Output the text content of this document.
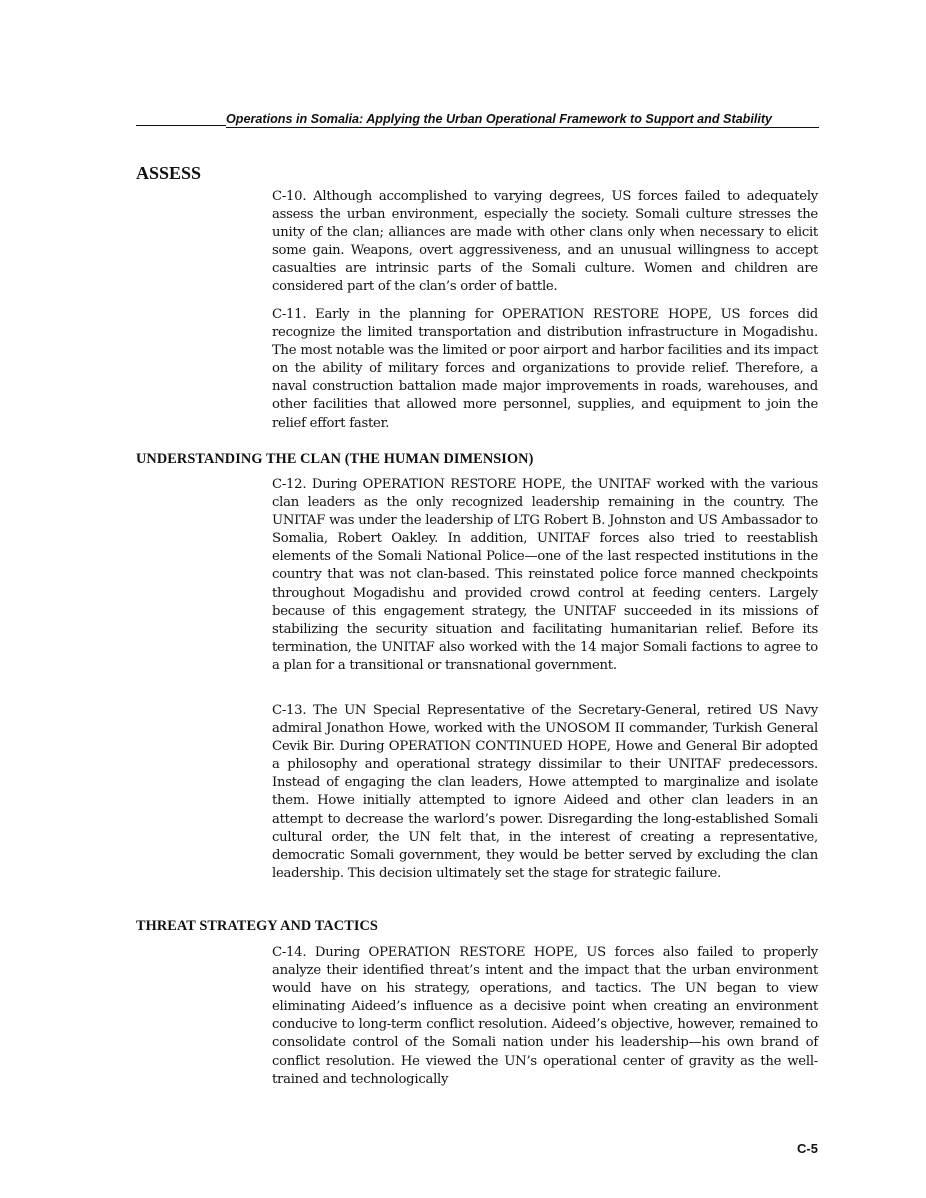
Operations in Somalia: Applying the Urban Operational Framework to Support and Stability
ASSESS

C-10. Although accomplished to varying degrees, US forces failed to adequately assess the urban environment, especially the society. Somali culture stresses the unity of the clan; alliances are made with other clans only when necessary to elicit some gain. Weapons, overt aggressiveness, and an unusual willingness to accept casualties are intrinsic parts of the Somali culture. Women and children are considered part of the clan’s order of battle.

C-11. Early in the planning for OPERATION RESTORE HOPE, US forces did recognize the limited transportation and distribution infrastructure in Mogadishu. The most notable was the limited or poor airport and harbor facilities and its impact on the ability of military forces and organizations to provide relief. Therefore, a naval construction battalion made major improvements in roads, warehouses, and other facilities that allowed more personnel, supplies, and equipment to join the relief effort faster.

UNDERSTANDING THE CLAN (THE HUMAN DIMENSION)

C-12. During OPERATION RESTORE HOPE, the UNITAF worked with the various clan leaders as the only recognized leadership remaining in the country. The UNITAF was under the leadership of LTG Robert B. Johnston and US Ambassador to Somalia, Robert Oakley. In addition, UNITAF forces also tried to reestablish elements of the Somali National Police—one of the last respected institutions in the country that was not clan-based. This reinstated police force manned checkpoints throughout Mogadishu and provided crowd control at feeding centers. Largely because of this engagement strategy, the UNITAF succeeded in its missions of stabilizing the security situation and facilitating humanitarian relief. Before its termination, the UNITAF also worked with the 14 major Somali factions to agree to a plan for a transitional or transnational government.

C-13. The UN Special Representative of the Secretary-General, retired US Navy admiral Jonathon Howe, worked with the UNOSOM II commander, Turkish General Cevik Bir. During OPERATION CONTINUED HOPE, Howe and General Bir adopted a philosophy and operational strategy dissimilar to their UNITAF predecessors. Instead of engaging the clan leaders, Howe attempted to marginalize and isolate them. Howe initially attempted to ignore Aideed and other clan leaders in an attempt to decrease the warlord’s power. Disregarding the long-established Somali cultural order, the UN felt that, in the interest of creating a representative, democratic Somali government, they would be better served by excluding the clan leadership. This decision ultimately set the stage for strategic failure.

THREAT STRATEGY AND TACTICS

C-14. During OPERATION RESTORE HOPE, US forces also failed to properly analyze their identified threat’s intent and the impact that the urban environment would have on his strategy, operations, and tactics. The UN began to view eliminating Aideed’s influence as a decisive point when creating an environment conducive to long-term conflict resolution. Aideed’s objective, however, remained to consolidate control of the Somali nation under his leadership—his own brand of conflict resolution. He viewed the UN’s operational center of gravity as the well-trained and technologically

C-5
